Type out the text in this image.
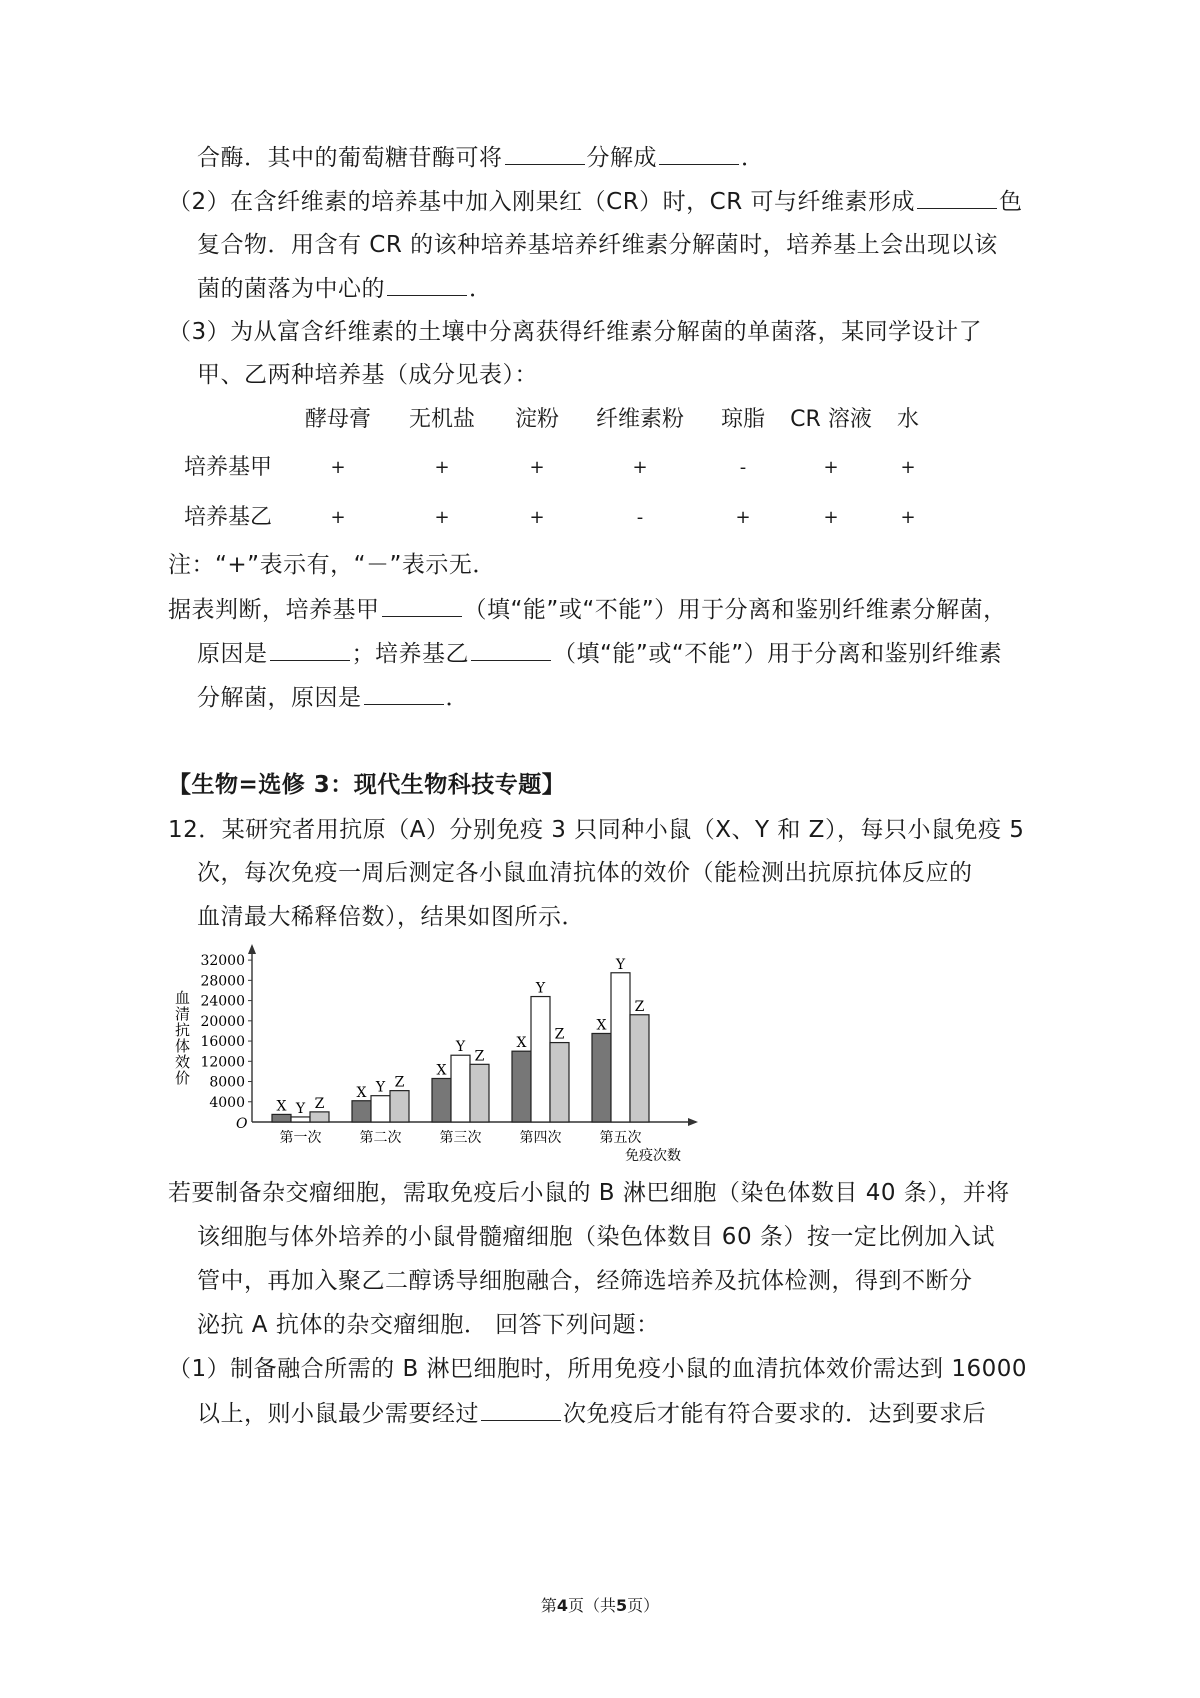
合酶．其中的葡萄糖苷酶可将	分解成	．
（2）在含纤维素的培养基中加入刚果红（CR）时，CR 可与纤维素形成	色
复合物．用含有 CR 的该种培养基培养纤维素分解菌时，培养基上会出现以该
菌的菌落为中心的	．
（3）为从富含纤维素的土壤中分离获得纤维素分解菌的单菌落，某同学设计了
甲、乙两种培养基（成分见表）：
酵母膏	无机盐	淀粉	纤维素粉	琼脂	CR 溶液	水
培养基甲	+	+	+	+	-	+	+
培养基乙	+	+	+	-	+	+	+
注：“+”表示有，“－”表示无．
据表判断，培养基甲	（填“能”或“不能”）用于分离和鉴别纤维素分解菌，
原因是	；培养基乙	（填“能”或“不能”）用于分离和鉴别纤维素
分解菌，原因是	．
【生物=选修 3：现代生物科技专题】
12．某研究者用抗原（A）分别免疫 3 只同种小鼠（X、Y 和 Z），每只小鼠免疫 5
次，每次免疫一周后测定各小鼠血清抗体的效价（能检测出抗原抗体反应的
血清最大稀释倍数），结果如图所示．
O
4000
8000
12000
16000
20000
24000
28000
32000
血清抗体效价
X Y Z
第一次
X Y Z
第二次
X
Y
Z
第三次
X
Y
Z
第四次
X
Y
Z
第五次
免疫次数
若要制备杂交瘤细胞，需取免疫后小鼠的 B 淋巴细胞（染色体数目 40 条），并将
该细胞与体外培养的小鼠骨髓瘤细胞（染色体数目 60 条）按一定比例加入试
管中，再加入聚乙二醇诱导细胞融合，经筛选培养及抗体检测，得到不断分
泌抗 A 抗体的杂交瘤细胞． 回答下列问题：
（1）制备融合所需的 B 淋巴细胞时，所用免疫小鼠的血清抗体效价需达到 16000
以上，则小鼠最少需要经过	次免疫后才能有符合要求的．达到要求后
第4页（共5页）
